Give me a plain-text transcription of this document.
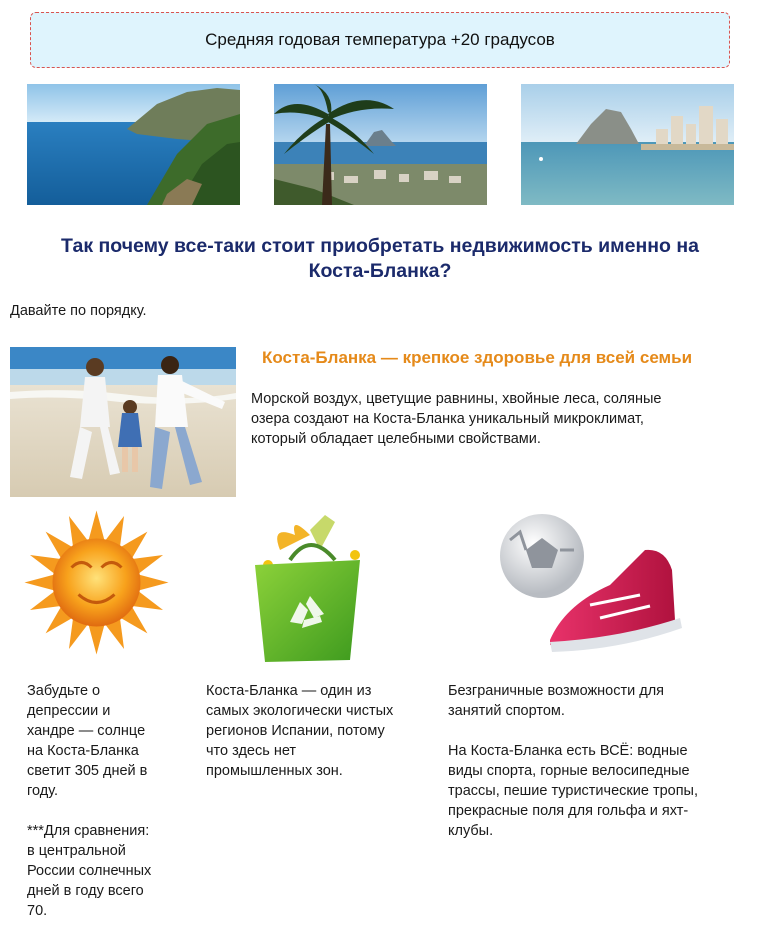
Средняя годовая температура +20 градусов
Так почему все-таки стоит приобретать недвижимость именно на
Коста-Бланка?
Давайте по порядку.
Коста-Бланка — крепкое здоровье для всей семьи
Морской воздух, цветущие равнины, хвойные леса, соляные
озера создают на Коста-Бланка уникальный микроклимат,
который обладает целебными свойствами.

Забудьте о
депрессии и
хандре — солнце
на Коста-Бланка
светит 305 дней в
году.

***Для сравнения:
в центральной
России солнечных
дней в году всего
70.

Коста-Бланка — один из
самых экологически чистых
регионов Испании, потому
что здесь нет
промышленных зон.

Безграничные возможности для
занятий спортом.

На Коста-Бланка есть ВСЁ: водные
виды спорта, горные велосипедные
трассы, пешие туристические тропы,
прекрасные поля для гольфа и яхт-
клубы.
